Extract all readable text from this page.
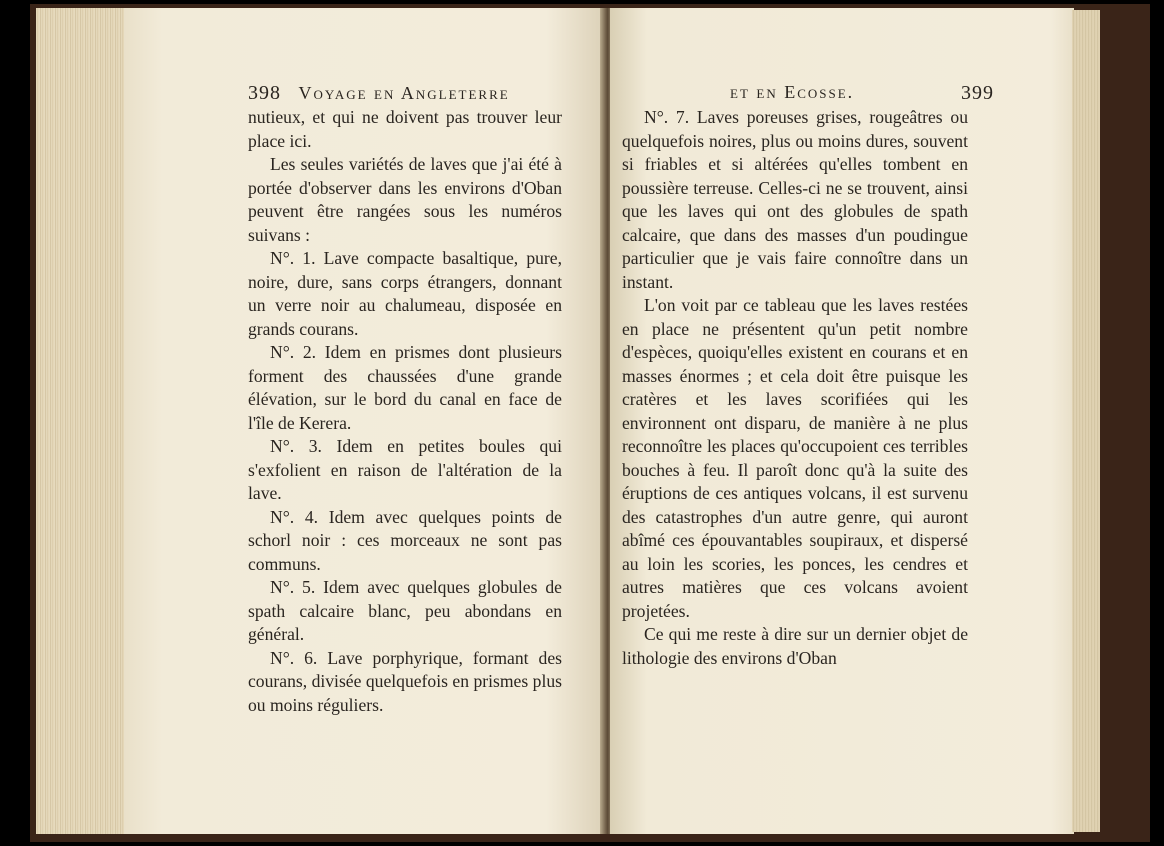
398 Voyage en Angleterre

nutieux, et qui ne doivent pas trouver leur place ici.

Les seules variétés de laves que j'ai été à portée d'observer dans les environs d'Oban peuvent être rangées sous les numéros suivans :

N°. 1. Lave compacte basaltique, pure, noire, dure, sans corps étrangers, donnant un verre noir au chalumeau, disposée en grands courans.

N°. 2. Idem en prismes dont plusieurs forment des chaussées d'une grande élévation, sur le bord du canal en face de l'île de Kerera.

N°. 3. Idem en petites boules qui s'exfolient en raison de l'altération de la lave.

N°. 4. Idem avec quelques points de schorl noir : ces morceaux ne sont pas communs.

N°. 5. Idem avec quelques globules de spath calcaire blanc, peu abondans en général.

N°. 6. Lave porphyrique, formant des courans, divisée quelquefois en prismes plus ou moins réguliers.

et en Ecosse.	399

N°. 7. Laves poreuses grises, rougeâtres ou quelquefois noires, plus ou moins dures, souvent si friables et si altérées qu'elles tombent en poussière terreuse. Celles-ci ne se trouvent, ainsi que les laves qui ont des globules de spath calcaire, que dans des masses d'un poudingue particulier que je vais faire connoître dans un instant.

L'on voit par ce tableau que les laves restées en place ne présentent qu'un petit nombre d'espèces, quoiqu'elles existent en courans et en masses énormes ; et cela doit être puisque les cratères et les laves scorifiées qui les environnent ont disparu, de manière à ne plus reconnoître les places qu'occupoient ces terribles bouches à feu. Il paroît donc qu'à la suite des éruptions de ces antiques volcans, il est survenu des catastrophes d'un autre genre, qui auront abîmé ces épouvantables soupiraux, et dispersé au loin les scories, les ponces, les cendres et autres matières que ces volcans avoient projetées.

Ce qui me reste à dire sur un dernier objet de lithologie des environs d'Oban
